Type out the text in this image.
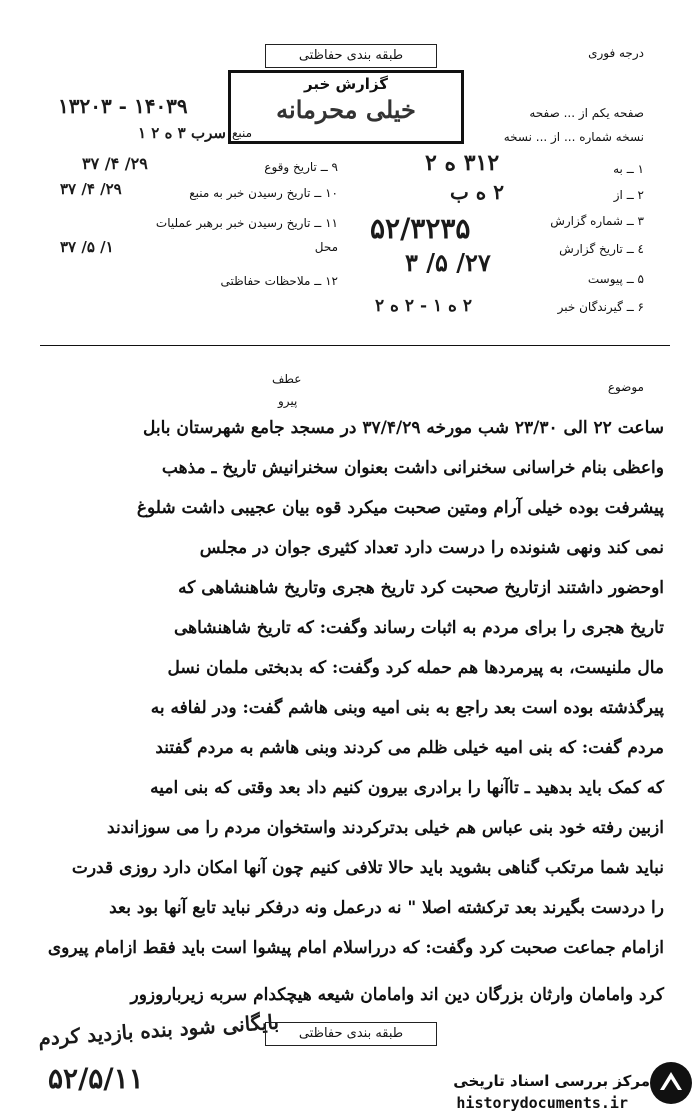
طبقه بندی حفاظتی	درجه فوری
گزارش خبر
خیلی محرمانه
۱۴۰۳۹ - ۱۳۲۰۳
سرب ۳ ه ۲ ۱ منبع
صفحه یکم از ... صفحه
نسخه شماره ... از ... نسخه
۱ ــ به
۳۱۲ ه ۲
۲ ــ از
۲ ه ب
۳ ــ شماره گزارش
۵۲/۳۲۳۵
٤ ــ تاریخ گزارش
۲۷/ ۵/ ۳
۵ ــ پیوست
۶ ــ گیرندگان خبر
۲ ه ۱ - ۲ ه ۲
۹ ــ تاریخ وقوع
۲۹/ ۴/ ۳۷
۱۰ ــ تاریخ رسیدن خبر به منبع
۲۹/ ۴/ ۳۷
۱۱ ــ تاریخ رسیدن خبر برهبر عملیات
محل
۱/ ۵/ ۳۷
۱۲ ــ ملاحظات حفاظتی
عطف
پیرو
موضوع
ساعت ۲۲ الی ۲۳/۳۰ شب مورخه ۳۷/۴/۲۹ در مسجد جامع شهرستان بابل
واعظی بنام خراسانی سخنرانی داشت بعنوان سخنرانیش تاریخ ـ مذهب
پیشرفت بوده خیلی آرام ومتین صحبت میکرد قوه بیان عجیبی داشت شلوغ
نمی کند ونهی شنونده را درست دارد تعداد کثیری جوان در مجلس
اوحضور داشتند ازتاریخ صحبت کرد تاریخ هجری وتاریخ شاهنشاهی که
تاریخ هجری را برای مردم به اثبات رساند وگفت: که تاریخ شاهنشاهی
مال ملنیست، به پیرمردها هم حمله کرد وگفت: که بدبختی ملمان نسل
پیرگذشته بوده است بعد راجع به بنی امیه وبنی هاشم گفت: ودر لفافه به
مردم گفت: که بنی امیه خیلی ظلم می کردند وبنی هاشم به مردم گفتند
که کمک باید بدهید ـ تاآنها را برادری بیرون کنیم داد بعد وقتی که بنی امیه
ازبین رفته خود بنی عباس هم خیلی بدترکردند واستخوان مردم را می سوزاندند
نباید شما مرتکب گناهی بشوید باید حالا تلافی کنیم چون آنها امکان دارد روزی قدرت
را دردست بگیرند بعد ترکشته اصلا " نه درعمل ونه درفکر نباید تابع آنها بود بعد
ازامام جماعت صحبت کرد وگفت: که درراسلام امام پیشوا است باید فقط ازامام پیروی
کرد وامامان وارثان بزرگان دین اند وامامان شیعه هیچکدام سربه زیرباروزور
بایگانی شود بنده بازدید کردم
۵۲/۵/۱۱
طبقه بندی حفاظتی
مرکز بررسی اسناد تاریخی
historydocuments.ir
